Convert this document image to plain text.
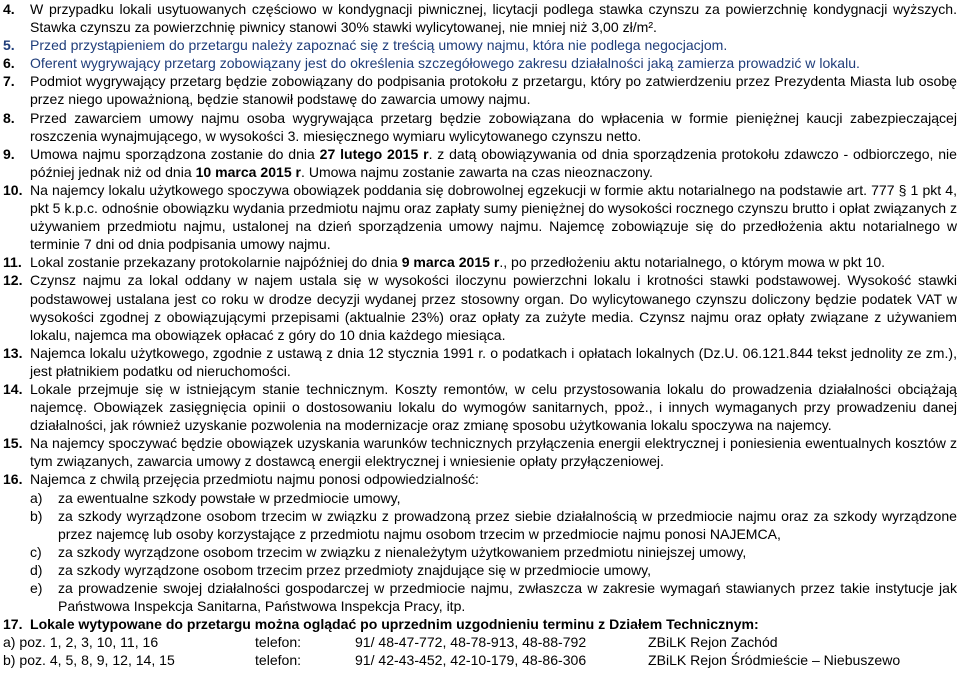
4.	W przypadku lokali usytuowanych częściowo w kondygnacji piwnicznej, licytacji podlega stawka czynszu za powierzchnię kondygnacji wyższych. Stawka czynszu za powierzchnię piwnicy stanowi 30% stawki wylicytowanej, nie mniej niż 3,00 zł/m².
5.	Przed przystąpieniem do przetargu należy zapoznać się z treścią umowy najmu, która nie podlega negocjacjom.
6.	Oferent wygrywający przetarg zobowiązany jest do określenia szczegółowego zakresu działalności jaką zamierza prowadzić w lokalu.
7.	Podmiot wygrywający przetarg będzie zobowiązany do podpisania protokołu z przetargu, który po zatwierdzeniu przez Prezydenta Miasta lub osobę przez niego upoważnioną, będzie stanowił podstawę do zawarcia umowy najmu.
8.	Przed zawarciem umowy najmu osoba wygrywająca przetarg będzie zobowiązana do wpłacenia w formie pieniężnej kaucji zabezpieczającej roszczenia wynajmującego, w wysokości 3. miesięcznego wymiaru wylicytowanego czynszu netto.
9.	Umowa najmu sporządzona zostanie do dnia 27 lutego 2015 r. z datą obowiązywania od dnia sporządzenia protokołu zdawczo - odbiorczego, nie później jednak niż od dnia 10 marca 2015 r. Umowa najmu zostanie zawarta na czas nieoznaczony.
10. Na najemcy lokalu użytkowego spoczywa obowiązek poddania się dobrowolnej egzekucji w formie aktu notarialnego na podstawie art. 777 § 1 pkt 4, pkt 5 k.p.c. odnośnie obowiązku wydania przedmiotu najmu oraz zapłaty sumy pieniężnej do wysokości rocznego czynszu brutto i opłat związanych z używaniem przedmiotu najmu, ustalonej na dzień sporządzenia umowy najmu. Najemcę zobowiązuje się do przedłożenia aktu notarialnego w terminie 7 dni od dnia podpisania umowy najmu.
11. Lokal zostanie przekazany protokolarnie najpóźniej do dnia 9 marca 2015 r., po przedłożeniu aktu notarialnego, o którym mowa w pkt 10.
12. Czynsz najmu za lokal oddany w najem ustala się w wysokości iloczynu powierzchni lokalu i krotności stawki podstawowej. Wysokość stawki podstawowej ustalana jest co roku w drodze decyzji wydanej przez stosowny organ. Do wylicytowanego czynszu doliczony będzie podatek VAT w wysokości zgodnej z obowiązującymi przepisami (aktualnie 23%) oraz opłaty za zużyte media. Czynsz najmu oraz opłaty związane z używaniem lokalu, najemca ma obowiązek opłacać z góry do 10 dnia każdego miesiąca.
13. Najemca lokalu użytkowego, zgodnie z ustawą z dnia 12 stycznia 1991 r. o podatkach i opłatach lokalnych (Dz.U. 06.121.844 tekst jednolity ze zm.), jest płatnikiem podatku od nieruchomości.
14. Lokale przejmuje się w istniejącym stanie technicznym. Koszty remontów, w celu przystosowania lokalu do prowadzenia działalności obciążają najemcę. Obowiązek zasięgnięcia opinii o dostosowaniu lokalu do wymogów sanitarnych, ppoż., i innych wymaganych przy prowadzeniu danej działalności, jak również uzyskanie pozwolenia na modernizacje oraz zmianę sposobu użytkowania lokalu spoczywa na najemcy.
15. Na najemcy spoczywać będzie obowiązek uzyskania warunków technicznych przyłączenia energii elektrycznej i poniesienia ewentualnych kosztów z tym związanych, zawarcia umowy z dostawcą energii elektrycznej i wniesienie opłaty przyłączeniowej.
16. Najemca z chwilą przejęcia przedmiotu najmu ponosi odpowiedzialność:
a)	za ewentualne szkody powstałe w przedmiocie umowy,
b)	za szkody wyrządzone osobom trzecim w związku z prowadzoną przez siebie działalnością w przedmiocie najmu oraz za szkody wyrządzone przez najemcę lub osoby korzystające z przedmiotu najmu osobom trzecim w przedmiocie najmu ponosi NAJEMCA,
c)	za szkody wyrządzone osobom trzecim w związku z nienależytym użytkowaniem przedmiotu niniejszej umowy,
d)	za szkody wyrządzone osobom trzecim przez przedmioty znajdujące się w przedmiocie umowy,
e)	za prowadzenie swojej działalności gospodarczej w przedmiocie najmu, zwłaszcza w zakresie wymagań stawianych przez takie instytucje jak Państwowa Inspekcja Sanitarna, Państwowa Inspekcja Pracy, itp.
17. Lokale wytypowane do przetargu można oglądać po uprzednim uzgodnieniu terminu z Działem Technicznym:
a) poz. 1, 2, 3, 10, 11, 16	telefon:	91/ 48-47-772, 48-78-913, 48-88-792	ZBiLK Rejon Zachód
b) poz. 4, 5, 8, 9, 12, 14, 15	telefon:	91/ 42-43-452, 42-10-179, 48-86-306	ZBiLK Rejon Śródmieście – Niebuszewo
